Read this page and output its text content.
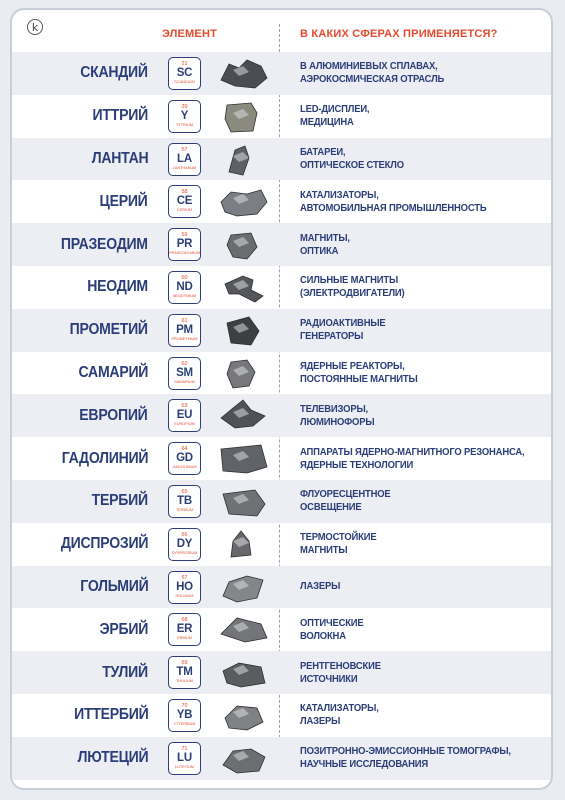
k
ЭЛЕМЕНТ	В КАКИХ СФЕРАХ ПРИМЕНЯЕТСЯ?
СКАНДИЙ
21
SC
SCANDIUM
В АЛЮМИНИЕВЫХ СПЛАВАХ,
АЭРОКОСМИЧЕСКАЯ ОТРАСЛЬ
ИТТРИЙ
39
Y
YTTRIUM
LED-ДИСПЛЕИ,
МЕДИЦИНА
ЛАНТАН
57
LA
LANTHANUM
БАТАРЕИ,
ОПТИЧЕСКОЕ СТЕКЛО
ЦЕРИЙ
58
CE
CERIUM
КАТАЛИЗАТОРЫ,
АВТОМОБИЛЬНАЯ ПРОМЫШЛЕННОСТЬ
ПРАЗЕОДИМ
59
PR
PRASEODYMIUM
МАГНИТЫ,
ОПТИКА
НЕОДИМ
60
ND
NEODYMIUM
СИЛЬНЫЕ МАГНИТЫ
(ЭЛЕКТРОДВИГАТЕЛИ)
ПРОМЕТИЙ
61
PM
PROMETHIUM
РАДИОАКТИВНЫЕ
ГЕНЕРАТОРЫ
САМАРИЙ
62
SM
SAMARIUM
ЯДЕРНЫЕ РЕАКТОРЫ,
ПОСТОЯННЫЕ МАГНИТЫ
ЕВРОПИЙ
63
EU
EUROPIUM
ТЕЛЕВИЗОРЫ,
ЛЮМИНОФОРЫ
ГАДОЛИНИЙ
64
GD
GADOLINIUM
АППАРАТЫ ЯДЕРНО-МАГНИТНОГО РЕЗОНАНСА,
ЯДЕРНЫЕ ТЕХНОЛОГИИ
ТЕРБИЙ
65
TB
TERBIUM
ФЛУОРЕСЦЕНТНОЕ
ОСВЕЩЕНИЕ
ДИСПРОЗИЙ
66
DY
DYSPROSIUM
ТЕРМОСТОЙКИЕ
МАГНИТЫ
ГОЛЬМИЙ
67
HO
HOLMIUM
ЛАЗЕРЫ
ЭРБИЙ
68
ER
ERBIUM
ОПТИЧЕСКИЕ
ВОЛОКНА
ТУЛИЙ
69
TM
THULIUM
РЕНТГЕНОВСКИЕ
ИСТОЧНИКИ
ИТТЕРБИЙ
70
YB
YTTERBIUM
КАТАЛИЗАТОРЫ,
ЛАЗЕРЫ
ЛЮТЕЦИЙ
71
LU
LUTETIUM
ПОЗИТРОННО-ЭМИССИОННЫЕ ТОМОГРАФЫ,
НАУЧНЫЕ ИССЛЕДОВАНИЯ
